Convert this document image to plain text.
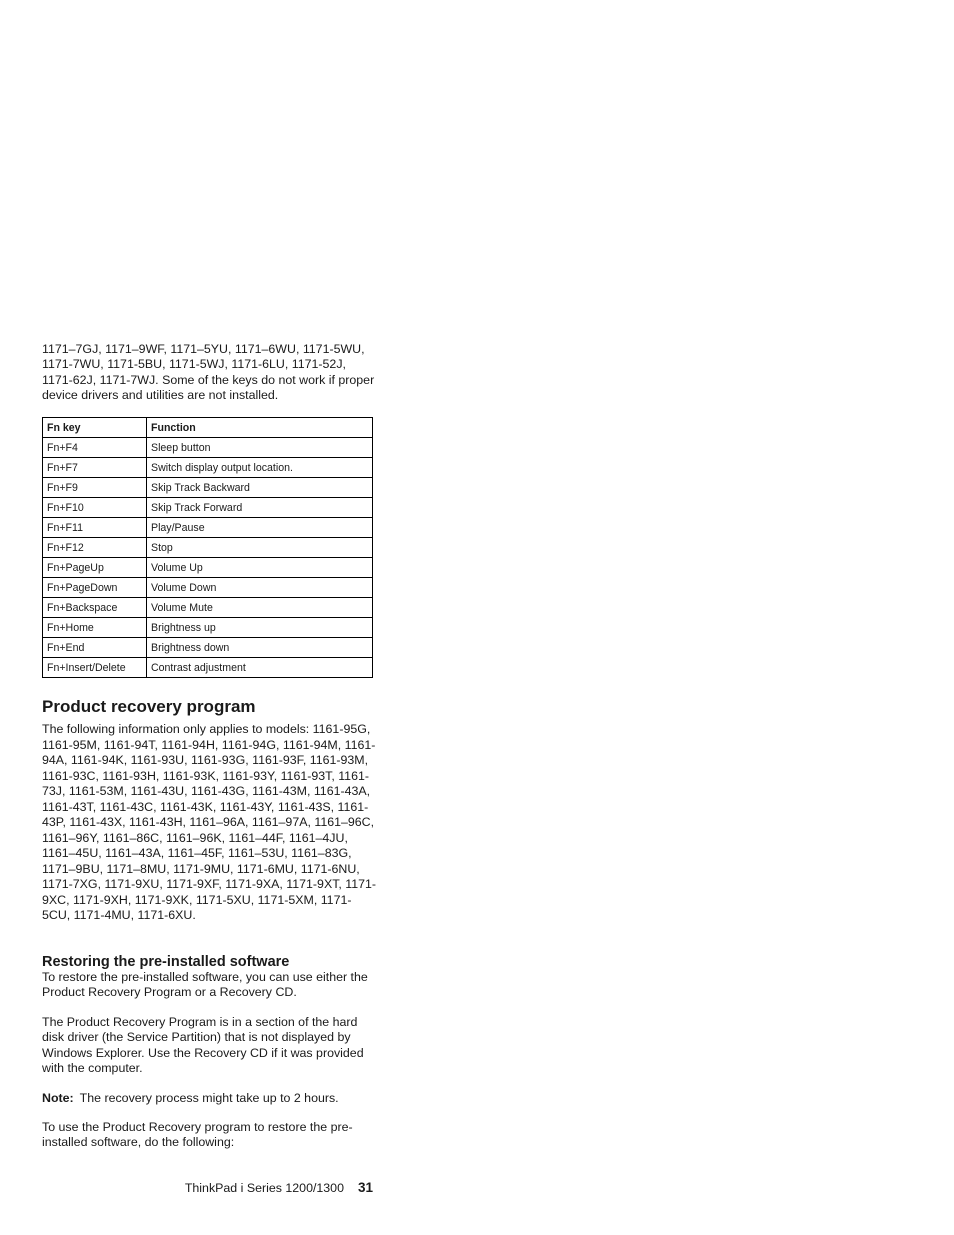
1171–7GJ, 1171–9WF, 1171–5YU, 1171–6WU, 1171-5WU, 1171-7WU, 1171-5BU, 1171-5WJ, 1171-6LU, 1171-52J, 1171-62J, 1171-7WJ. Some of the keys do not work if proper device drivers and utilities are not installed.
Fn key	Function
Fn+F4	Sleep button
Fn+F7	Switch display output location.
Fn+F9	Skip Track Backward
Fn+F10	Skip Track Forward
Fn+F11	Play/Pause
Fn+F12	Stop
Fn+PageUp	Volume Up
Fn+PageDown	Volume Down
Fn+Backspace	Volume Mute
Fn+Home	Brightness up
Fn+End	Brightness down
Fn+Insert/Delete	Contrast adjustment
Product recovery program
The following information only applies to models: 1161-95G, 1161-95M, 1161-94T, 1161-94H, 1161-94G, 1161-94M, 1161-94A, 1161-94K, 1161-93U, 1161-93G, 1161-93F, 1161-93M, 1161-93C, 1161-93H, 1161-93K, 1161-93Y, 1161-93T, 1161-73J, 1161-53M, 1161-43U, 1161-43G, 1161-43M, 1161-43A, 1161-43T, 1161-43C, 1161-43K, 1161-43Y, 1161-43S, 1161-43P, 1161-43X, 1161-43H, 1161–96A, 1161–97A, 1161–96C, 1161–96Y, 1161–86C, 1161–96K, 1161–44F, 1161–4JU, 1161–45U, 1161–43A, 1161–45F, 1161–53U, 1161–83G, 1171–9BU, 1171–8MU, 1171-9MU, 1171-6MU, 1171-6NU, 1171-7XG, 1171-9XU, 1171-9XF, 1171-9XA, 1171-9XT, 1171-9XC, 1171-9XH, 1171-9XK, 1171-5XU, 1171-5XM, 1171-5CU, 1171-4MU, 1171-6XU.
Restoring the pre-installed software
To restore the pre-installed software, you can use either the Product Recovery Program or a Recovery CD.
The Product Recovery Program is in a section of the hard disk driver (the Service Partition) that is not displayed by Windows Explorer. Use the Recovery CD if it was provided with the computer.
Note: The recovery process might take up to 2 hours.
To use the Product Recovery program to restore the pre-installed software, do the following:
ThinkPad i Series 1200/1300 31
